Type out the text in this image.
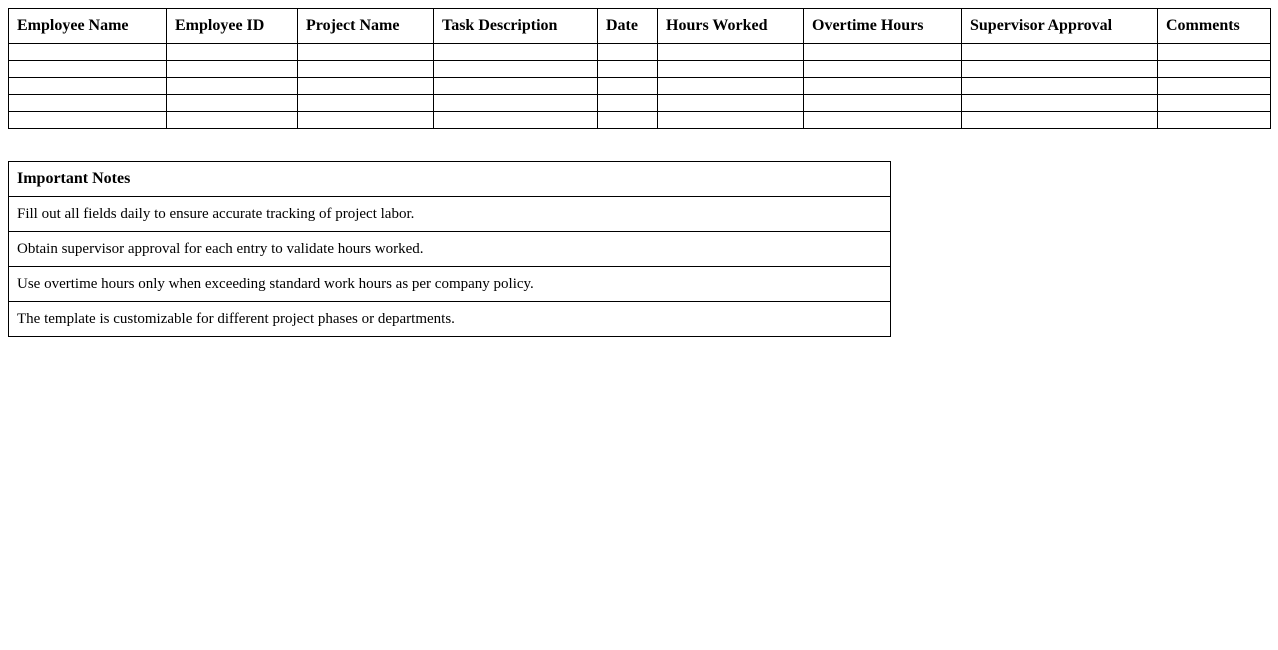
Employee Name	Employee ID	Project Name	Task Description	Date	Hours Worked	Overtime Hours	Supervisor Approval	Comments

Important Notes
Fill out all fields daily to ensure accurate tracking of project labor.
Obtain supervisor approval for each entry to validate hours worked.
Use overtime hours only when exceeding standard work hours as per company policy.
The template is customizable for different project phases or departments.
